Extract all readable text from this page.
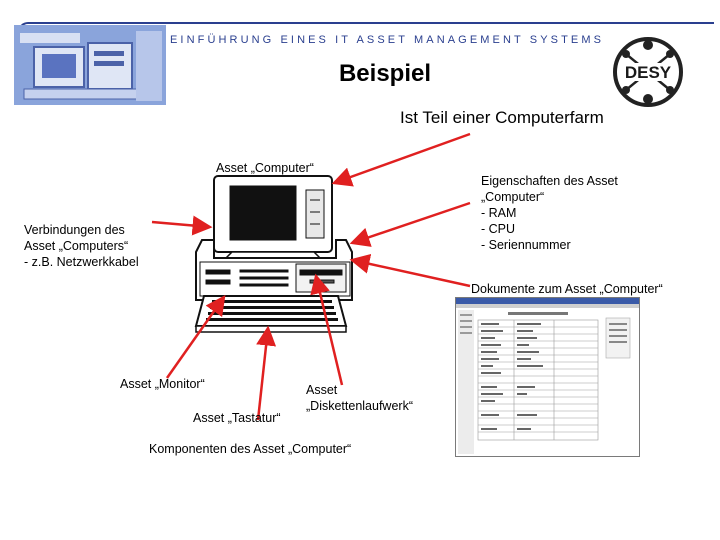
EINFÜHRUNG EINES IT ASSET MANAGEMENT SYSTEMS
Beispiel	DESY
Ist Teil einer Computerfarm
Asset „Computer“
Verbindungen des
Asset „Computers“
- z.B. Netzwerkkabel
Eigenschaften des Asset
„Computer“
- RAM
- CPU
- Seriennummer
Dokumente zum Asset „Computer“
Asset „Monitor“	Asset
„Diskettenlaufwerk“
Asset „Tastatur“
Komponenten des Asset „Computer“
